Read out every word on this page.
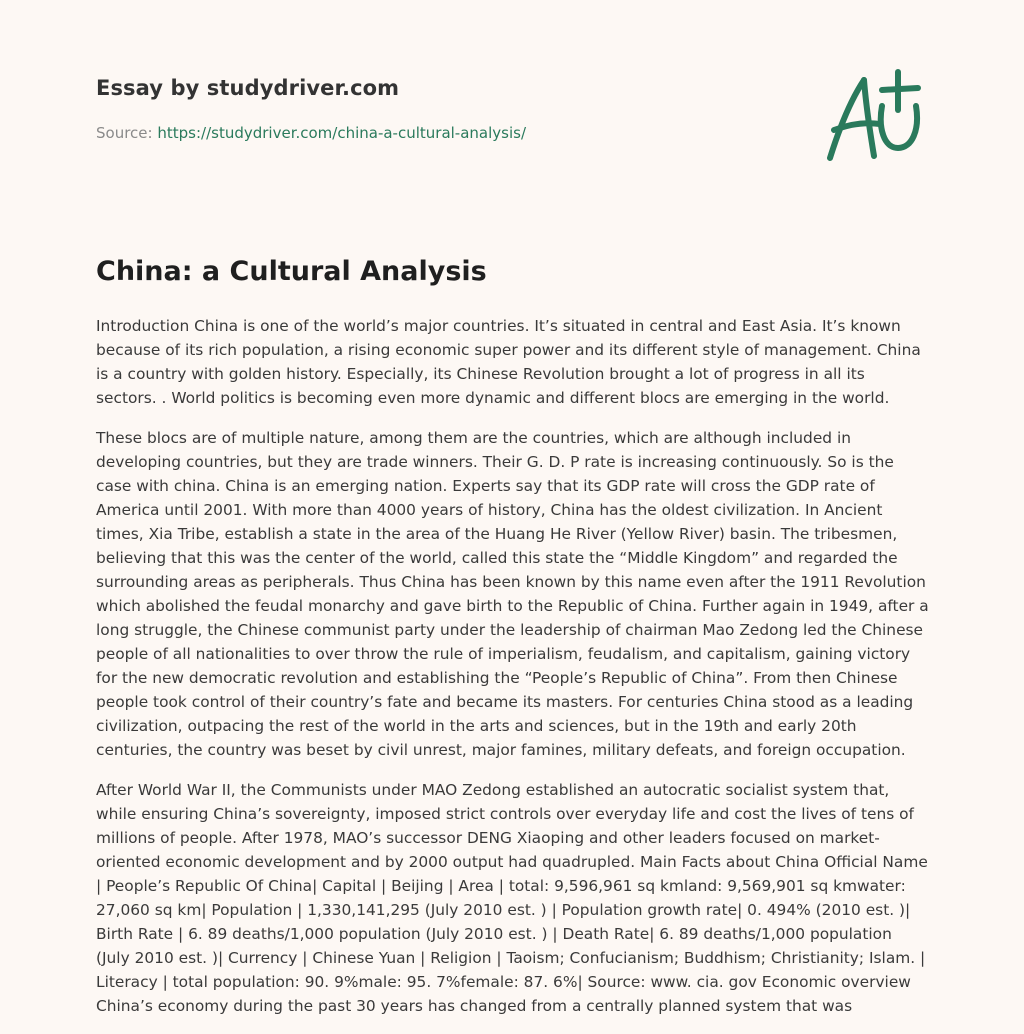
Essay by studydriver.com

Source: https://studydriver.com/china-a-cultural-analysis/

China: a Cultural Analysis

Introduction China is one of the world’s major countries. It’s situated in central and East Asia. It’s known because of its rich population, a rising economic super power and its different style of management. China is a country with golden history. Especially, its Chinese Revolution brought a lot of progress in all its sectors. . World politics is becoming even more dynamic and different blocs are emerging in the world.

These blocs are of multiple nature, among them are the countries, which are although included in developing countries, but they are trade winners. Their G. D. P rate is increasing continuously. So is the case with china. China is an emerging nation. Experts say that its GDP rate will cross the GDP rate of America until 2001. With more than 4000 years of history, China has the oldest civilization. In Ancient times, Xia Tribe, establish a state in the area of the Huang He River (Yellow River) basin. The tribesmen, believing that this was the center of the world, called this state the “Middle Kingdom” and regarded the surrounding areas as peripherals. Thus China has been known by this name even after the 1911 Revolution which abolished the feudal monarchy and gave birth to the Republic of China. Further again in 1949, after a long struggle, the Chinese communist party under the leadership of chairman Mao Zedong led the Chinese people of all nationalities to over throw the rule of imperialism, feudalism, and capitalism, gaining victory for the new democratic revolution and establishing the “People’s Republic of China”. From then Chinese people took control of their country’s fate and became its masters. For centuries China stood as a leading civilization, outpacing the rest of the world in the arts and sciences, but in the 19th and early 20th centuries, the country was beset by civil unrest, major famines, military defeats, and foreign occupation.

After World War II, the Communists under MAO Zedong established an autocratic socialist system that, while ensuring China’s sovereignty, imposed strict controls over everyday life and cost the lives of tens of millions of people. After 1978, MAO’s successor DENG Xiaoping and other leaders focused on market-oriented economic development and by 2000 output had quadrupled. Main Facts about China Official Name | People’s Republic Of China| Capital | Beijing | Area | total: 9,596,961 sq kmland: 9,569,901 sq kmwater: 27,060 sq km| Population | 1,330,141,295 (July 2010 est. ) | Population growth rate| 0. 494% (2010 est. )| Birth Rate | 6. 89 deaths/1,000 population (July 2010 est. ) | Death Rate| 6. 89 deaths/1,000 population (July 2010 est. )| Currency | Chinese Yuan | Religion | Taoism; Confucianism; Buddhism; Christianity; Islam. | Literacy | total population: 90. 9%male: 95. 7%female: 87. 6%| Source: www. cia. gov Economic overview China’s economy during the past 30 years has changed from a centrally planned system that was
